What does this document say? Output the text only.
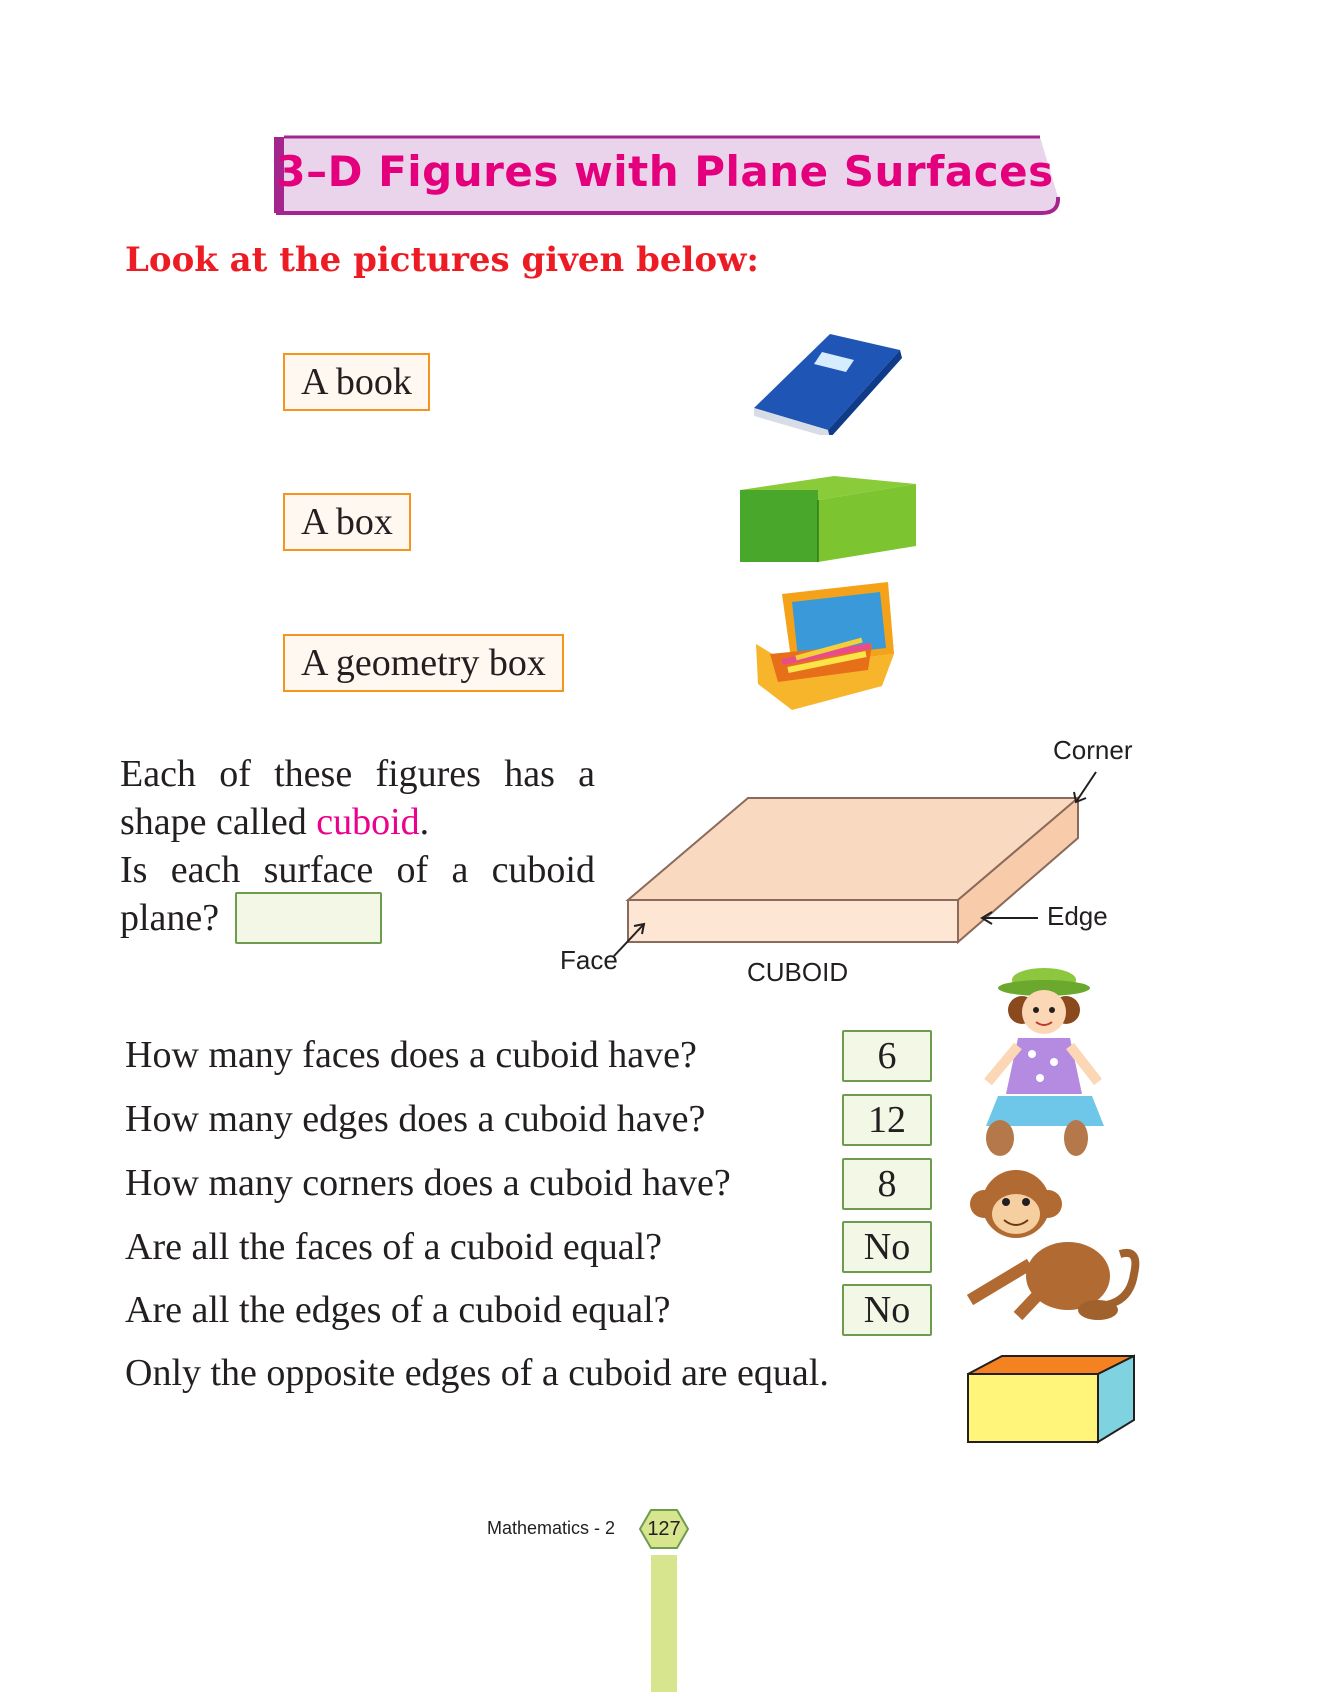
3–D Figures with Plane Surfaces
Look at the pictures given below:
A book
A box
A geometry box
Each of these figures has a
shape called cuboid.
Is each surface of a cuboid
plane?
Corner
Edge
Face	CUBOID
How many faces does a cuboid have?
How many edges does a cuboid have?
How many corners does a cuboid have?
Are all the faces of a cuboid equal?
Are all the edges of a cuboid equal?
Only the opposite edges of a cuboid are equal.
6
12
8
No
No
Mathematics - 2	127
